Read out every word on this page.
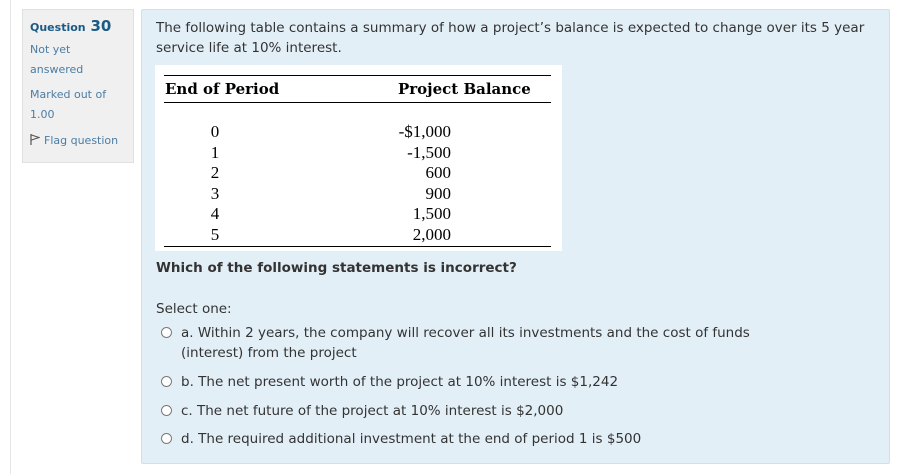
Question 30
Not yet answered
Marked out of 1.00
Flag question
The following table contains a summary of how a project’s balance is expected to change over its 5 year service life at 10% interest.
End of Period	Project Balance
0
1
2
3
4
5
-$1,000
-1,500
600
900
1,500
2,000
Which of the following statements is incorrect?
Select one:
a. Within 2 years, the company will recover all its investments and the cost of funds (interest) from the project
b. The net present worth of the project at 10% interest is $1,242
c. The net future of the project at 10% interest is $2,000
d. The required additional investment at the end of period 1 is $500
